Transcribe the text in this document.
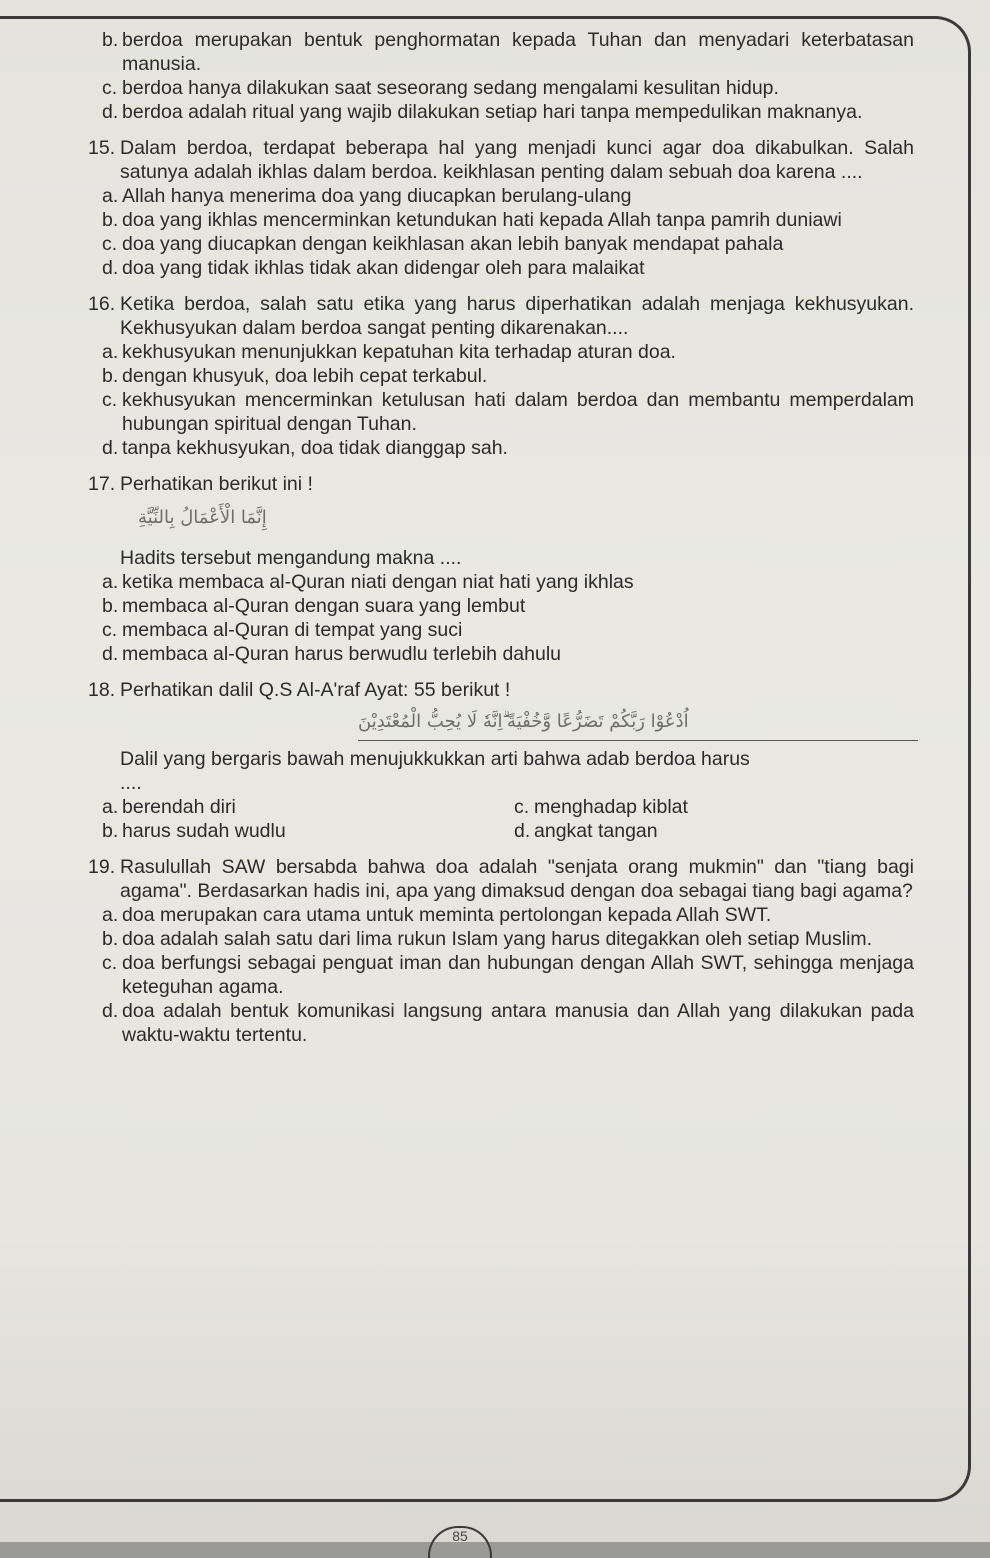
b. berdoa merupakan bentuk penghormatan kepada Tuhan dan menyadari keterbatasan manusia.
c. berdoa hanya dilakukan saat seseorang sedang mengalami kesulitan hidup.
d. berdoa adalah ritual yang wajib dilakukan setiap hari tanpa mempedulikan maknanya.
15. Dalam berdoa, terdapat beberapa hal yang menjadi kunci agar doa dikabulkan. Salah satunya adalah ikhlas dalam berdoa. keikhlasan penting dalam sebuah doa karena ....
a. Allah hanya menerima doa yang diucapkan berulang-ulang
b. doa yang ikhlas mencerminkan ketundukan hati kepada Allah tanpa pamrih duniawi
c. doa yang diucapkan dengan keikhlasan akan lebih banyak mendapat pahala
d. doa yang tidak ikhlas tidak akan didengar oleh para malaikat
16. Ketika berdoa, salah satu etika yang harus diperhatikan adalah menjaga kekhusyukan. Kekhusyukan dalam berdoa sangat penting dikarenakan....
a. kekhusyukan menunjukkan kepatuhan kita terhadap aturan doa.
b. dengan khusyuk, doa lebih cepat terkabul.
c. kekhusyukan mencerminkan ketulusan hati dalam berdoa dan membantu memperdalam hubungan spiritual dengan Tuhan.
d. tanpa kekhusyukan, doa tidak dianggap sah.
17. Perhatikan berikut ini !
إِنَّمَا الْأَعْمَالُ بِالنِّيَّةِ
Hadits tersebut mengandung makna ....
a. ketika membaca al-Quran niati dengan niat hati yang ikhlas
b. membaca al-Quran dengan suara yang lembut
c. membaca al-Quran di tempat yang suci
d. membaca al-Quran harus berwudlu terlebih dahulu
18. Perhatikan dalil Q.S Al-A'raf Ayat: 55 berikut !
اُدْعُوْا رَبَّكُمْ تَضَرُّعًا وَّخُفْيَةً ۗاِنَّهٗ لَا يُحِبُّ الْمُعْتَدِيْنَ
Dalil yang bergaris bawah menujukkukkan arti bahwa adab berdoa harus
....
a. berendah diri	c. menghadap kiblat
b. harus sudah wudlu	d. angkat tangan
19. Rasulullah SAW bersabda bahwa doa adalah "senjata orang mukmin" dan "tiang bagi agama". Berdasarkan hadis ini, apa yang dimaksud dengan doa sebagai tiang bagi agama?
a. doa merupakan cara utama untuk meminta pertolongan kepada Allah SWT.
b. doa adalah salah satu dari lima rukun Islam yang harus ditegakkan oleh setiap Muslim.
c. doa berfungsi sebagai penguat iman dan hubungan dengan Allah SWT, sehingga menjaga keteguhan agama.
d. doa adalah bentuk komunikasi langsung antara manusia dan Allah yang dilakukan pada waktu-waktu tertentu.
85
